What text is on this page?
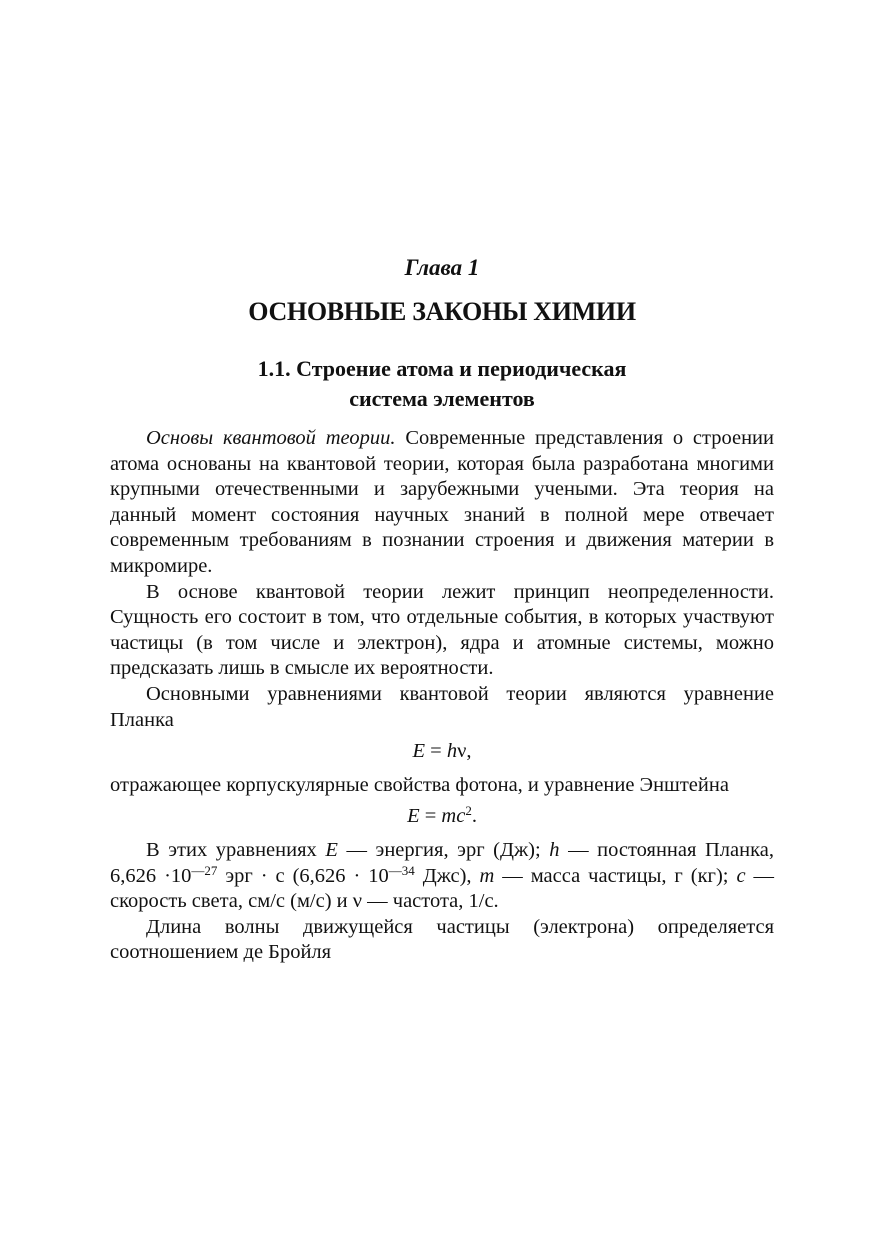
Глава 1
ОСНОВНЫЕ ЗАКОНЫ ХИМИИ
1.1. Строение атома и периодическая
система элементов

Основы квантовой теории. Современные представления о строении атома основаны на квантовой теории, которая была разработана многими крупными отечественными и зарубежными учеными. Эта теория на данный момент состояния научных знаний в полной мере отвечает современным требованиям в познании строения и движения материи в микромире.

В основе квантовой теории лежит принцип неопределенности. Сущность его состоит в том, что отдельные события, в которых участвуют частицы (в том числе и электрон), ядра и атомные системы, можно предсказать лишь в смысле их вероятности.

Основными уравнениями квантовой теории являются уравнение Планка

E = hν,

отражающее корпускулярные свойства фотона, и уравнение Энштейна

$E = mc^2$.

В этих уравнениях E — энергия, эрг (Дж); h — постоянная Планка, $6,626 \cdot 10^{—27}$ эрг · с ($6,626 \cdot 10^{—34}$ Джс), m — масса частицы, г (кг); c — скорость света, см/с (м/с) и ν — частота, 1/с.

Длина волны движущейся частицы (электрона) определяется соотношением де Бройля
